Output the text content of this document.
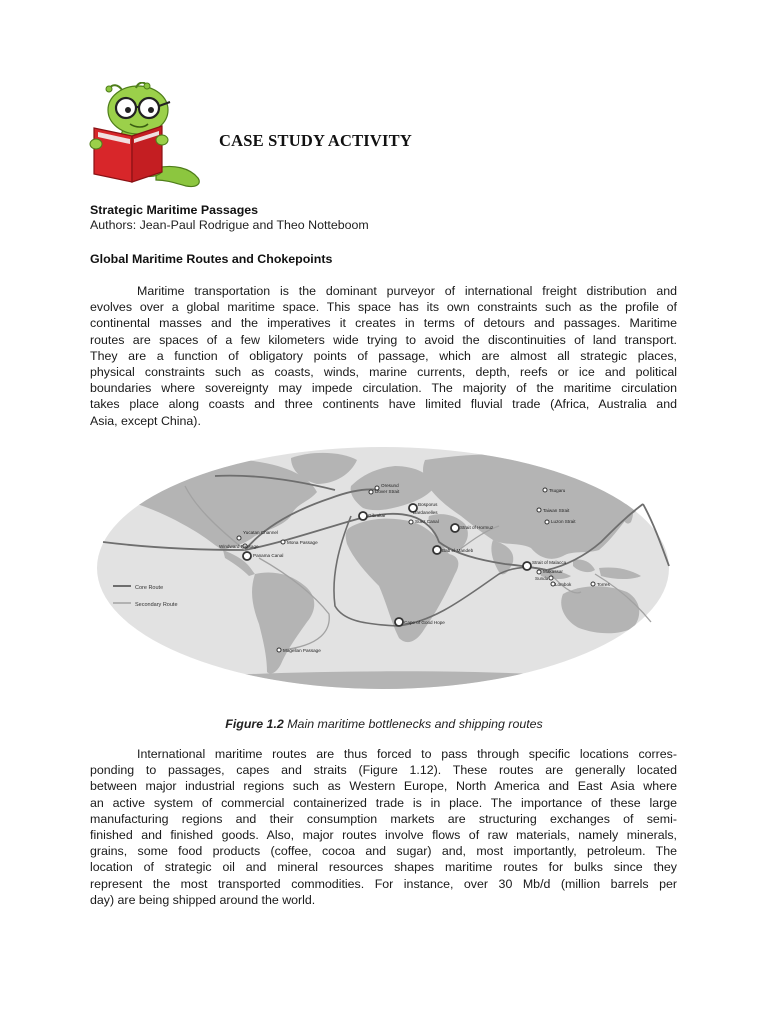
CASE STUDY ACTIVITY
Strategic Maritime Passages
Authors: Jean-Paul Rodrigue and Theo Notteboom
Global Maritime Routes and Chokepoints
Maritime transportation is the dominant purveyor of international freight distribution and
evolves over a global maritime space. This space has its own constraints such as the profile of
continental masses and the imperatives it creates in terms of detours and passages. Maritime
routes are spaces of a few kilometers wide trying to avoid the discontinuities of land transport.
They are a function of obligatory points of passage, which are almost all strategic places,
physical constraints such as coasts, winds, marine currents, depth, reefs or ice and political
boundaries where sovereignty may impede circulation. The majority of the maritime circulation
takes place along coasts and three continents have limited fluvial trade (Africa, Australia and
Asia, except China).
Core Route
Secondary Route
Oresund
Dover Strait
Bosporus
Dardanelles
Gibraltar
Suez Canal
Strait of Hormuz
Bab el-Mandeb
Tsugaru
Taiwan Strait
Luzon Strait
Strait of Malacca
Makassar
Sunda
Lombok	Torres
Yucatan Channel
Mona Passage
Windward Passage
Panama Canal
Cape of Good Hope
Magellan Passage
Figure 1.2 Main maritime bottlenecks and shipping routes
International maritime routes are thus forced to pass through specific locations corres-
ponding to passages, capes and straits (Figure 1.12). These routes are generally located
between major industrial regions such as Western Europe, North America and East Asia where
an active system of commercial containerized trade is in place. The importance of these large
manufacturing regions and their consumption markets are structuring exchanges of semi-
finished and finished goods. Also, major routes involve flows of raw materials, namely minerals,
grains, some food products (coffee, cocoa and sugar) and, most importantly, petroleum. The
location of strategic oil and mineral resources shapes maritime routes for bulks since they
represent the most transported commodities. For instance, over 30 Mb/d (million barrels per
day) are being shipped around the world.
